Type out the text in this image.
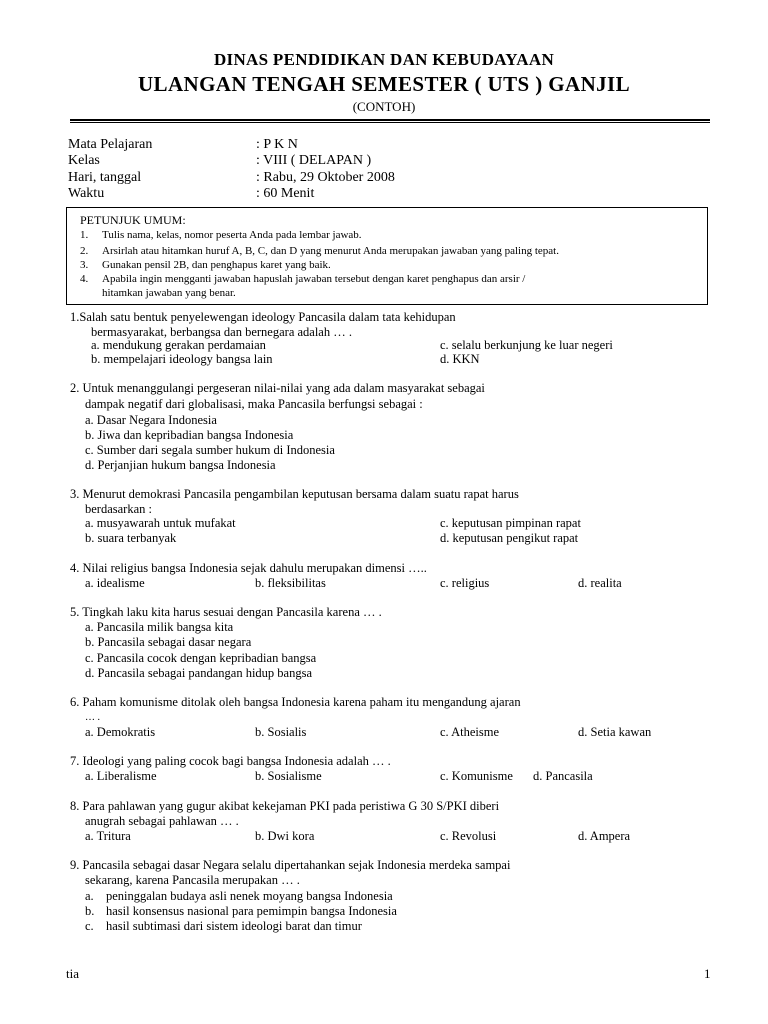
DINAS PENDIDIKAN DAN KEBUDAYAAN
ULANGAN TENGAH SEMESTER ( UTS ) GANJIL
(CONTOH)
Mata Pelajaran	: P K N
Kelas	: VIII ( DELAPAN )
Hari, tanggal	: Rabu, 29 Oktober 2008
Waktu	: 60 Menit
PETUNJUK UMUM:
1. Tulis nama, kelas, nomor peserta Anda pada lembar jawab.
2. Arsirlah atau hitamkan huruf A, B, C, dan D yang menurut Anda merupakan jawaban yang paling tepat.
3. Gunakan pensil 2B, dan penghapus karet yang baik.
4. Apabila ingin mengganti jawaban hapuslah jawaban tersebut dengan karet penghapus dan arsir /
hitamkan jawaban yang benar.
1.Salah satu bentuk penyelewengan ideology Pancasila dalam tata kehidupan
bermasyarakat, berbangsa dan bernegara adalah … .
a. mendukung gerakan perdamaian	c. selalu berkunjung ke luar negeri
b. mempelajari ideology bangsa lain	d. KKN
2. Untuk menanggulangi pergeseran nilai-nilai yang ada dalam masyarakat sebagai
dampak negatif dari globalisasi, maka Pancasila berfungsi sebagai :
a. Dasar Negara Indonesia
b. Jiwa dan kepribadian bangsa Indonesia
c. Sumber dari segala sumber hukum di Indonesia
d. Perjanjian hukum bangsa Indonesia
3. Menurut demokrasi Pancasila pengambilan keputusan bersama dalam suatu rapat harus
berdasarkan :
a. musyawarah untuk mufakat	c. keputusan pimpinan rapat
b. suara terbanyak	d. keputusan pengikut rapat
4. Nilai religius bangsa Indonesia sejak dahulu merupakan dimensi …..
a. idealisme	b. fleksibilitas	c. religius	d. realita
5. Tingkah laku kita harus sesuai dengan Pancasila karena … .
a. Pancasila milik bangsa kita
b. Pancasila sebagai dasar negara
c. Pancasila cocok dengan kepribadian bangsa
d. Pancasila sebagai pandangan hidup bangsa
6. Paham komunisme ditolak oleh bangsa Indonesia karena paham itu mengandung ajaran
… .
a. Demokratis	b. Sosialis	c. Atheisme	d. Setia kawan
7. Ideologi yang paling cocok bagi bangsa Indonesia adalah … .
a. Liberalisme	b. Sosialisme	c. Komunisme d. Pancasila
8. Para pahlawan yang gugur akibat kekejaman PKI pada peristiwa G 30 S/PKI diberi
anugrah sebagai pahlawan … .
a. Tritura	b. Dwi kora	c. Revolusi	d. Ampera
9. Pancasila sebagai dasar Negara selalu dipertahankan sejak Indonesia merdeka sampai
sekarang, karena Pancasila merupakan … .
a. peninggalan budaya asli nenek moyang bangsa Indonesia
b. hasil konsensus nasional para pemimpin bangsa Indonesia
c. hasil subtimasi dari sistem ideologi barat dan timur
tia	1
